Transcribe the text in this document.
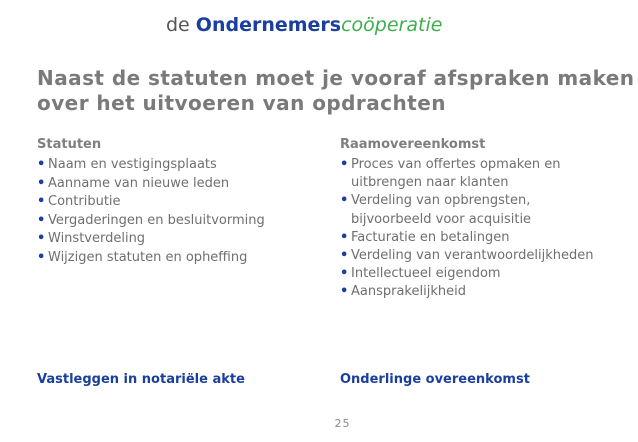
de Ondernemerscoöperatie
Naast de statuten moet je vooraf afspraken maken
over het uitvoeren van opdrachten
Statuten
• Naam en vestigingsplaats
• Aanname van nieuwe leden
• Contributie
• Vergaderingen en besluitvorming
• Winstverdeling
• Wijzigen statuten en opheffing
Raamovereenkomst
• Proces van offertes opmaken en uitbrengen naar klanten
• Verdeling van opbrengsten, bijvoorbeeld voor acquisitie
• Facturatie en betalingen
• Verdeling van verantwoordelijkheden
• Intellectueel eigendom
• Aansprakelijkheid
Vastleggen in notariële akte	Onderlinge overeenkomst
25
